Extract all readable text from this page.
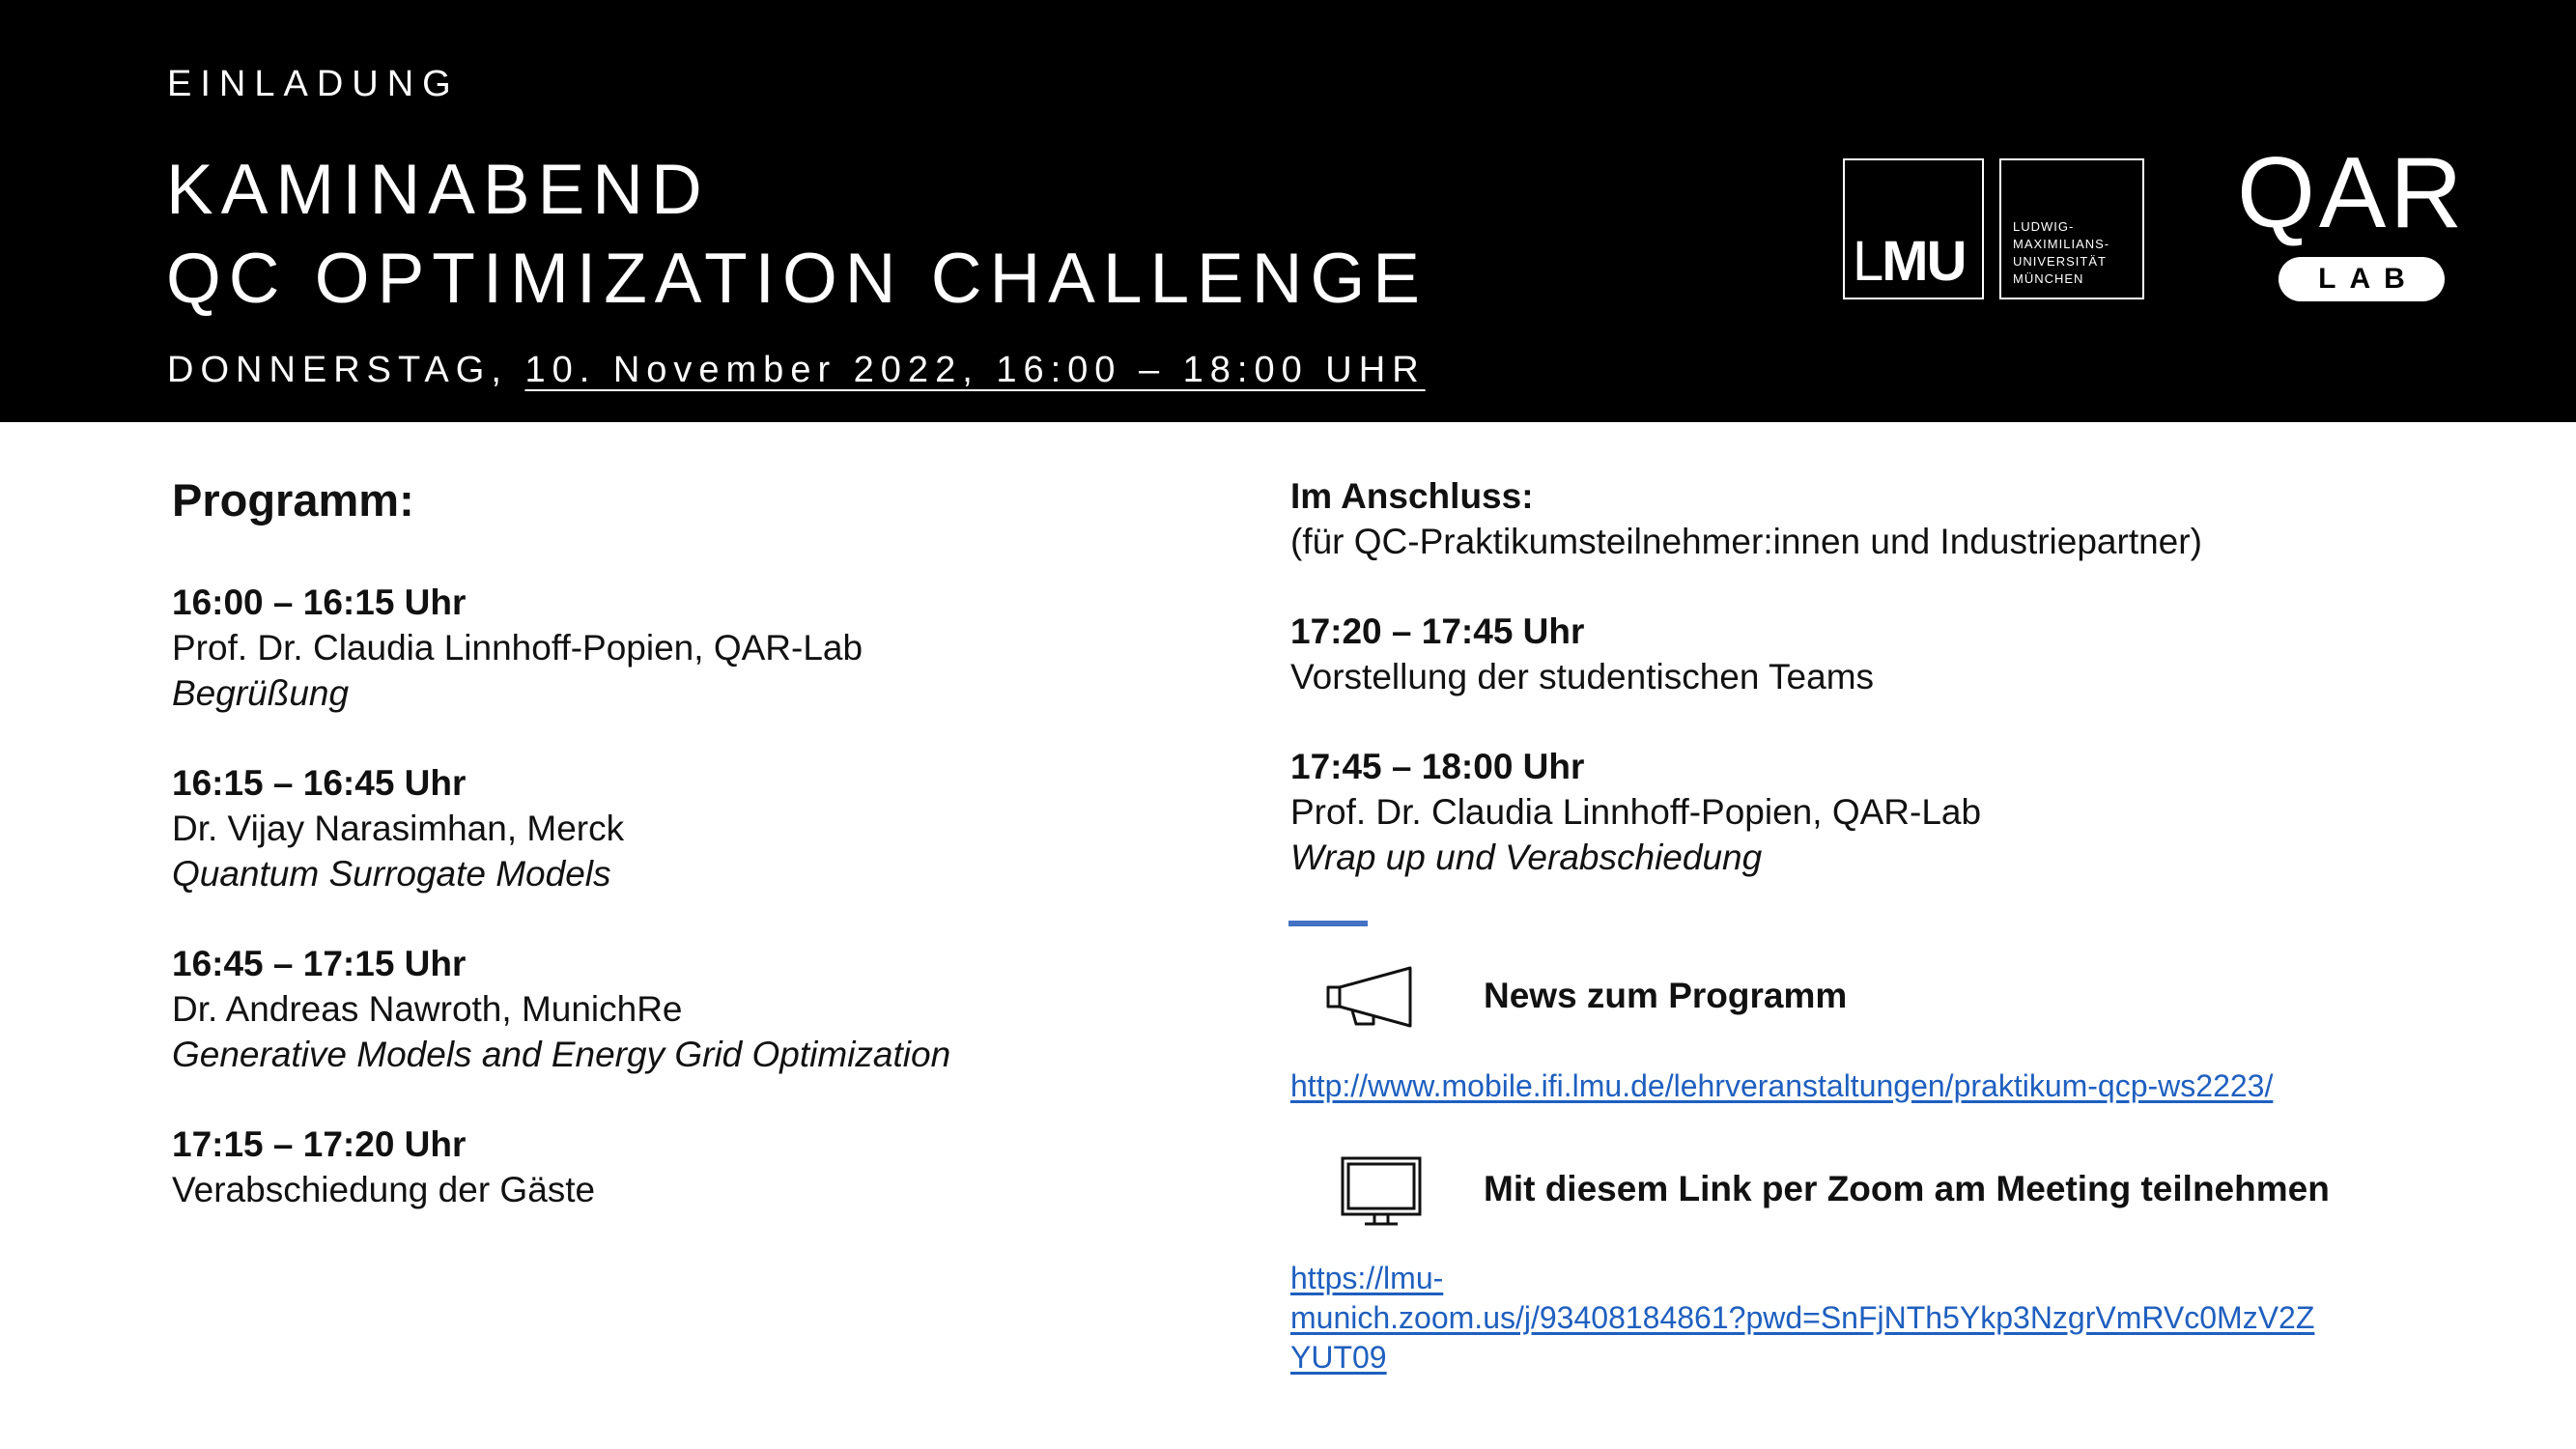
EINLADUNG
KAMINABEND
QC OPTIMIZATION CHALLENGE
DONNERSTAG, 10. November 2022, 16:00 – 18:00 UHR
LMU
LUDWIG-
MAXIMILIANS-
UNIVERSITÄT
MÜNCHEN
QAR
LAB
Programm:
16:00 – 16:15 Uhr
Prof. Dr. Claudia Linnhoff-Popien, QAR-Lab
Begrüßung
16:15 – 16:45 Uhr
Dr. Vijay Narasimhan, Merck
Quantum Surrogate Models
16:45 – 17:15 Uhr
Dr. Andreas Nawroth, MunichRe
Generative Models and Energy Grid Optimization
17:15 – 17:20 Uhr
Verabschiedung der Gäste
Im Anschluss:
(für QC-Praktikumsteilnehmer:innen und Industriepartner)
17:20 – 17:45 Uhr
Vorstellung der studentischen Teams
17:45 – 18:00 Uhr
Prof. Dr. Claudia Linnhoff-Popien, QAR-Lab
Wrap up und Verabschiedung
News zum Programm
http://www.mobile.ifi.lmu.de/lehrveranstaltungen/praktikum-qcp-ws2223/
Mit diesem Link per Zoom am Meeting teilnehmen
https://lmu-
munich.zoom.us/j/93408184861?pwd=SnFjNTh5Ykp3NzgrVmRVc0MzV2Z
YUT09
